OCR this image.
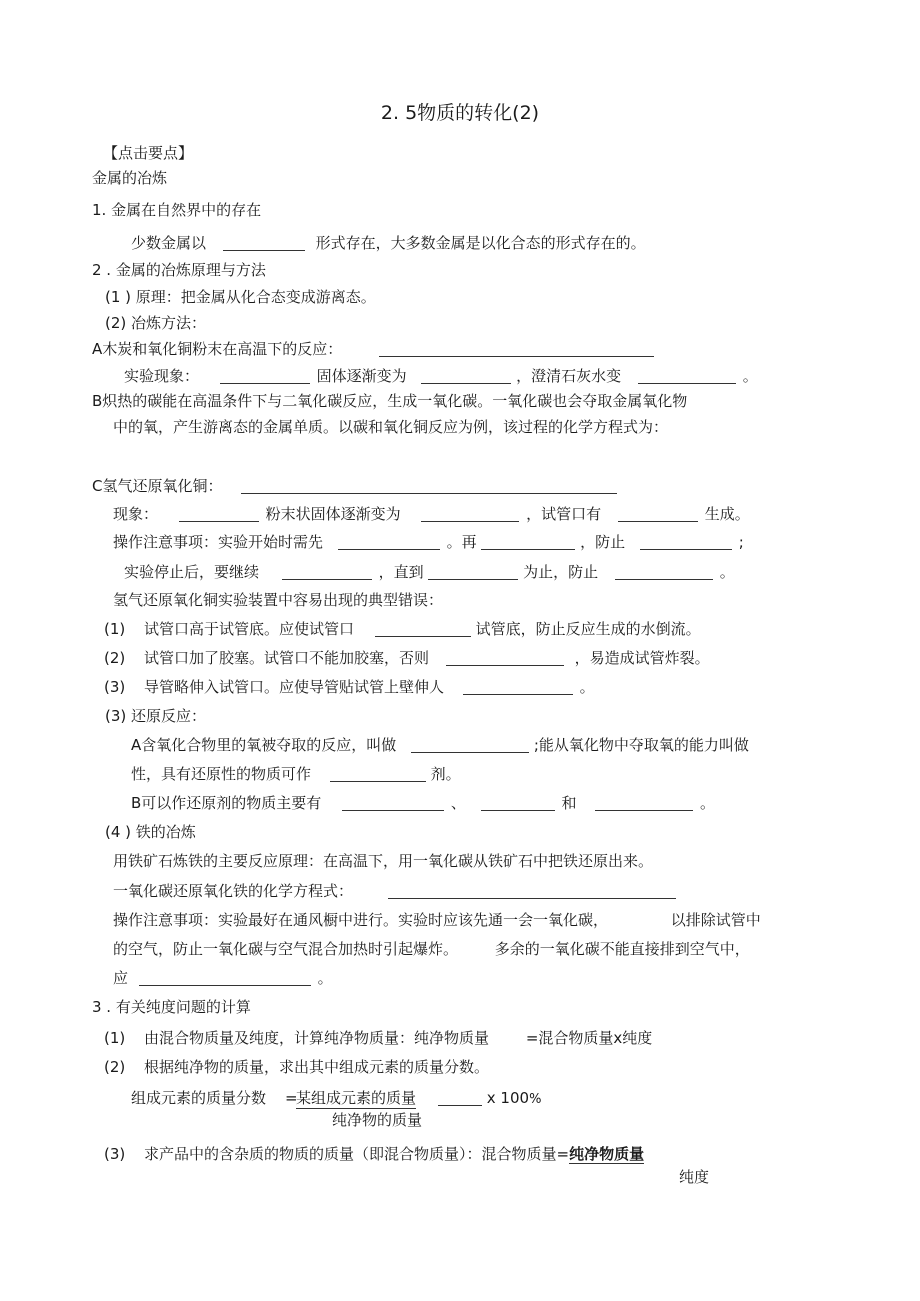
2. 5物质的转化(2)
【点击要点】
金属的冶炼
1. 金属在自然界中的存在
少数金属以	形式存在，大多数金属是以化合态的形式存在的。
2 . 金属的冶炼原理与方法
(1 ) 原理：把金属从化合态变成游离态。
(2) 冶炼方法：
A木炭和氧化铜粉末在高温下的反应：
实验现象：	固体逐渐变为	，澄清石灰水变	。
B炽热的碳能在高温条件下与二氧化碳反应，生成一氧化碳。一氧化碳也会夺取金属氧化物
中的氧，产生游离态的金属单质。以碳和氧化铜反应为例，该过程的化学方程式为：
C氢气还原氧化铜：
现象：	粉末状固体逐渐变为	，试管口有	生成。
操作注意事项：实验开始时需先	。再	，防止	;
实验停止后，要继续	，直到	为止，防止	。
氢气还原氧化铜实验装置中容易出现的典型错误：
(1) 试管口高于试管底。应使试管口	试管底，防止反应生成的水倒流。
(2) 试管口加了胶塞。试管口不能加胶塞，否则	，易造成试管炸裂。
(3) 导管略伸入试管口。应使导管贴试管上壁伸人	。
(3) 还原反应：
A含氧化合物里的氧被夺取的反应，叫做	;能从氧化物中夺取氧的能力叫做
性，具有还原性的物质可作	剂。
B可以作还原剂的物质主要有	、	和	。
(4 ) 铁的冶炼
用铁矿石炼铁的主要反应原理：在高温下，用一氧化碳从铁矿石中把铁还原出来。
一氧化碳还原氧化铁的化学方程式：
操作注意事项：实验最好在通风橱中进行。实验时应该先通一会一氧化碳，	以排除试管中
的空气，防止一氧化碳与空气混合加热时引起爆炸。 多余的一氧化碳不能直接排到空气中，
应	。
3 . 有关纯度问题的计算
(1) 由混合物质量及纯度，计算纯净物质量：纯净物质量 =混合物质量x纯度
(2) 根据纯净物的质量，求出其中组成元素的质量分数。
组成元素的质量分数 =
某组成元素的质量	x 100%
纯净物的质量
(3) 求产品中的含杂质的物质的质量（即混合物质量）：混合物质量=纯净物质量
纯度
